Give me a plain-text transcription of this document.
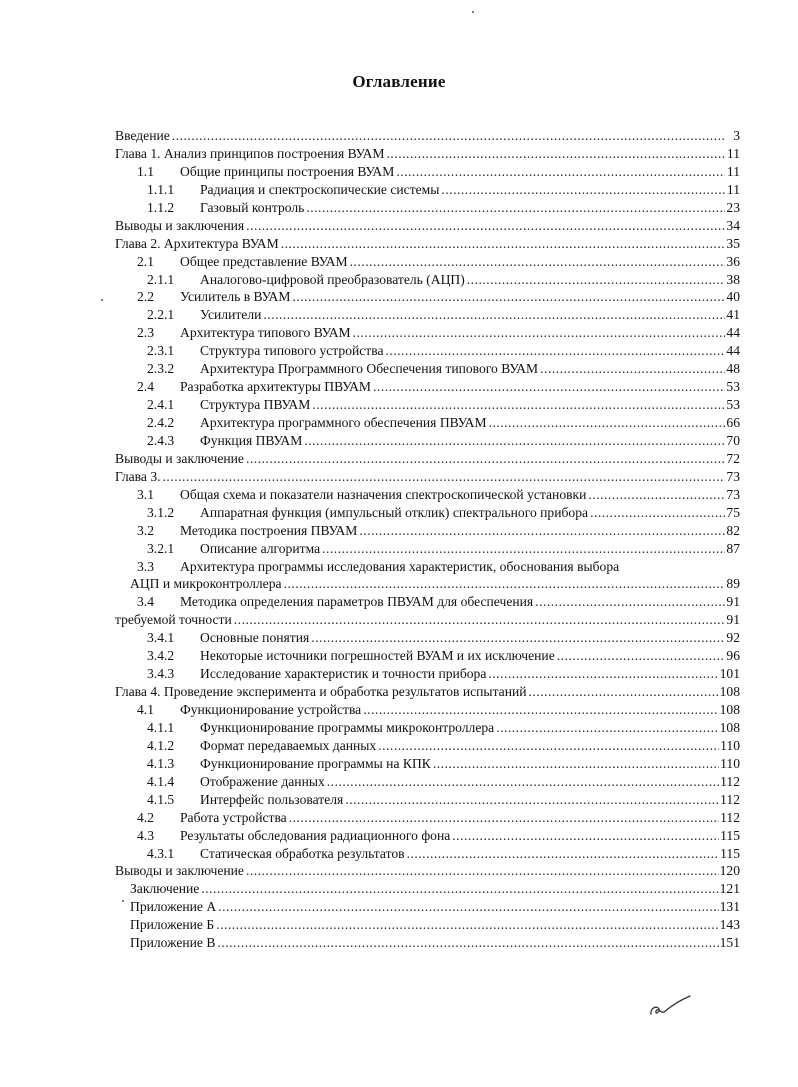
Оглавление
Введение .....	3
Глава 1. Анализ принципов построения ВУАМ .....	11
1.1	Общие принципы построения ВУАМ .....	11
1.1.1	Радиация и спектроскопические системы .....	11
1.1.2	Газовый контроль .....	23
Выводы и заключения .....	34
Глава 2. Архитектура ВУАМ .....	35
2.1	Общее представление ВУАМ .....	36
2.1.1	Аналогово-цифровой преобразователь (АЦП) .....	38
2.2	Усилитель в ВУАМ .....	40
2.2.1	Усилители .....	41
2.3	Архитектура типового ВУАМ .....	44
2.3.1	Структура типового устройства .....	44
2.3.2	Архитектура Программного Обеспечения типового ВУАМ .....	48
2.4	Разработка архитектуры ПВУАМ .....	53
2.4.1	Структура ПВУАМ .....	53
2.4.2	Архитектура программного обеспечения ПВУАМ .....	66
2.4.3	Функция ПВУАМ .....	70
Выводы и заключение .....	72
Глава 3. .....	73
3.1	Общая схема и показатели назначения спектроскопической установки .....	73
3.1.2	Аппаратная функция (импульсный отклик) спектрального прибора .....	75
3.2	Методика построения ПВУАМ .....	82
3.2.1	Описание алгоритма .....	87
3.3	Архитектура программы исследования характеристик, обоснования выбора
АЦП и микроконтроллера .....	89
3.4	Методика определения параметров ПВУАМ для обеспечения .....	91
требуемой точности .....	91
3.4.1	Основные понятия .....	92
3.4.2	Некоторые источники погрешностей ВУАМ и их исключение .....	96
3.4.3	Исследование характеристик и точности прибора .....	101
Глава 4. Проведение эксперимента и обработка результатов испытаний .....	108
4.1	Функционирование устройства .....	108
4.1.1	Функционирование программы микроконтроллера .....	108
4.1.2	Формат передаваемых данных .....	110
4.1.3	Функционирование программы на КПК .....	110
4.1.4	Отображение данных .....	112
4.1.5	Интерфейс пользователя .....	112
4.2	Работа устройства .....	112
4.3	Результаты обследования радиационного фона .....	115
4.3.1	Статическая обработка результатов .....	115
Выводы и заключение .....	120
Заключение .....	121
Приложение А .....	131
Приложение Б .....	143
Приложение В .....	151
